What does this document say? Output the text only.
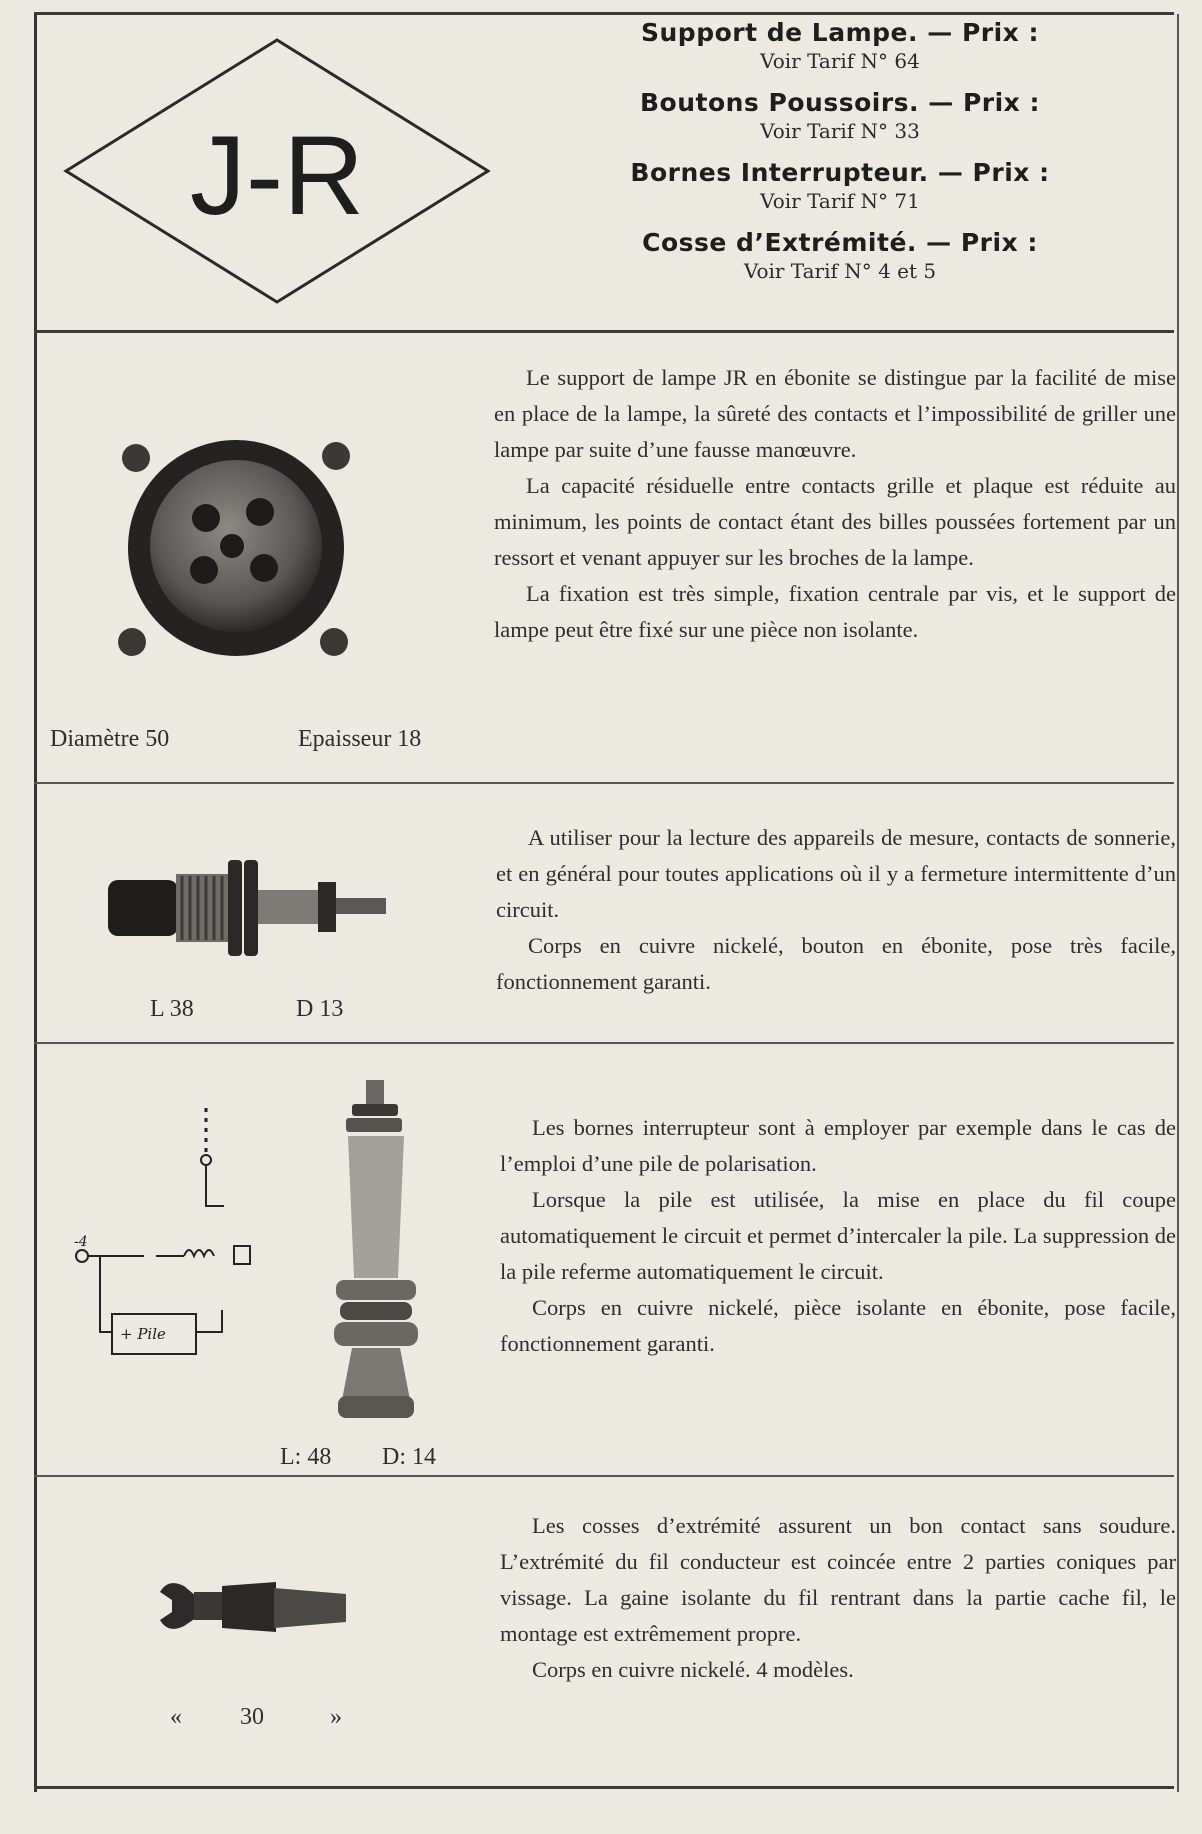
J-R
Support de Lampe. — Prix :
Voir Tarif N° 64
Boutons Poussoirs. — Prix :
Voir Tarif N° 33
Bornes Interrupteur. — Prix :
Voir Tarif N° 71
Cosse d’Extrémité. — Prix :
Voir Tarif N° 4 et 5
Diamètre 50	Epaisseur 18

Le support de lampe JR en ébonite se distingue par la facilité de mise en place de la lampe, la sûreté des contacts et l’impossibilité de griller une lampe par suite d’une fausse manœuvre.

La capacité résiduelle entre contacts grille et plaque est réduite au minimum, les points de contact étant des billes poussées fortement par un ressort et venant appuyer sur les broches de la lampe.

La fixation est très simple, fixation centrale par vis, et le support de lampe peut être fixé sur une pièce non isolante.

L 38	D 13

A utiliser pour la lecture des appareils de mesure, contacts de sonnerie, et en général pour toutes applications où il y a fermeture intermittente d’un circuit.

Corps en cuivre nickelé, bouton en ébonite, pose très facile, fonctionnement garanti.

-4
+ Pile
L: 48 D: 14

Les bornes interrupteur sont à employer par exemple dans le cas de l’emploi d’une pile de polarisation.

Lorsque la pile est utilisée, la mise en place du fil coupe automatiquement le circuit et permet d’intercaler la pile. La suppression de la pile referme automatiquement le circuit.

Corps en cuivre nickelé, pièce isolante en ébonite, pose facile, fonctionnement garanti.

« 30	»

Les cosses d’extrémité assurent un bon contact sans soudure. L’extrémité du fil conducteur est coincée entre 2 parties coniques par vissage. La gaine isolante du fil rentrant dans la partie cache fil, le montage est extrêmement propre.

Corps en cuivre nickelé. 4 modèles.
